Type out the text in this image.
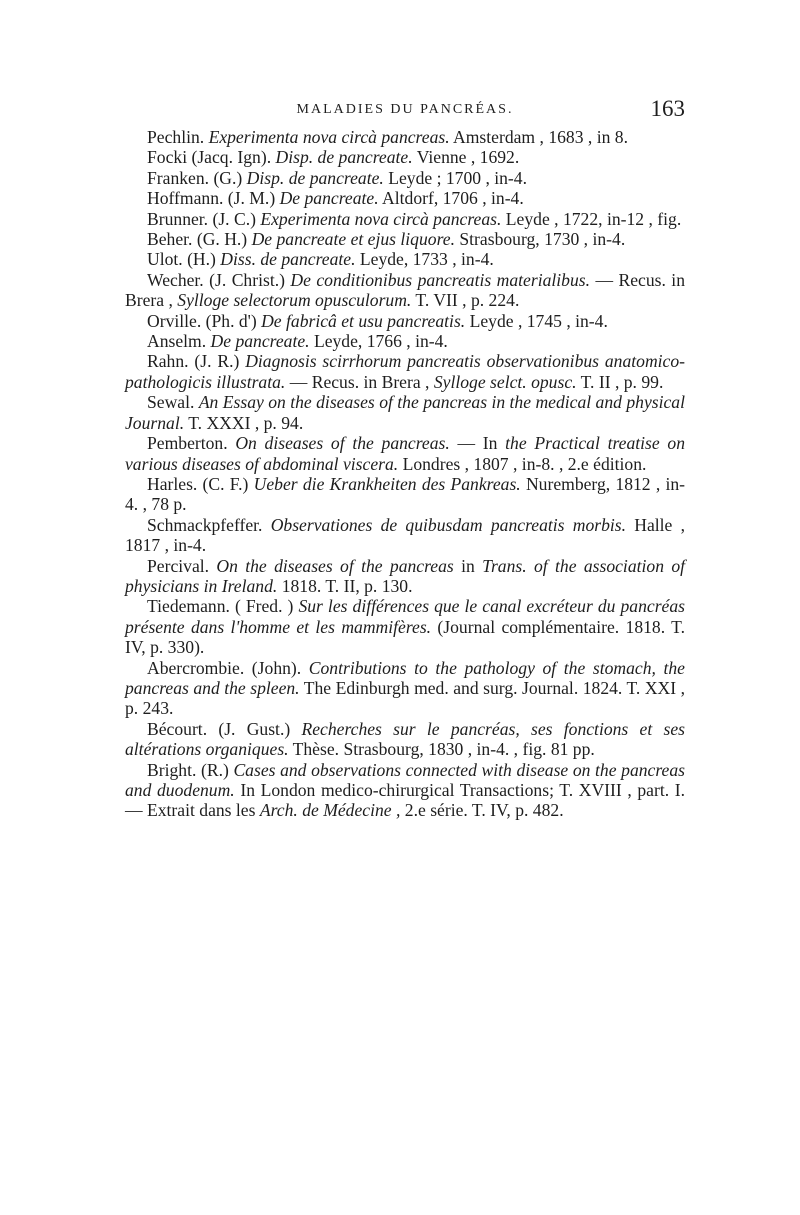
MALADIES DU PANCRÉAS.	163

Pechlin. Experimenta nova circà pancreas. Amsterdam , 1683 , in 8.

Focki (Jacq. Ign). Disp. de pancreate. Vienne , 1692.

Franken. (G.) Disp. de pancreate. Leyde ; 1700 , in-4.

Hoffmann. (J. M.) De pancreate. Altdorf, 1706 , in-4.

Brunner. (J. C.) Experimenta nova circà pancreas. Leyde , 1722, in-12 , fig.

Beher. (G. H.) De pancreate et ejus liquore. Strasbourg, 1730 , in-4.

Ulot. (H.) Diss. de pancreate. Leyde, 1733 , in-4.

Wecher. (J. Christ.) De conditionibus pancreatis materialibus. — Recus. in Brera , Sylloge selectorum opusculorum. T. VII , p. 224.

Orville. (Ph. d') De fabricâ et usu pancreatis. Leyde , 1745 , in-4.

Anselm. De pancreate. Leyde, 1766 , in-4.

Rahn. (J. R.) Diagnosis scirrhorum pancreatis observationibus anatomico-pathologicis illustrata. — Recus. in Brera , Sylloge selct. opusc. T. II , p. 99.

Sewal. An Essay on the diseases of the pancreas in the medical and physical Journal. T. XXXI , p. 94.

Pemberton. On diseases of the pancreas. — In the Practical treatise on various diseases of abdominal viscera. Londres , 1807 , in-8. , 2.e édition.

Harles. (C. F.) Ueber die Krankheiten des Pankreas. Nuremberg, 1812 , in-4. , 78 p.

Schmackpfeffer. Observationes de quibusdam pancreatis morbis. Halle , 1817 , in-4.

Percival. On the diseases of the pancreas in Trans. of the association of physicians in Ireland. 1818. T. II, p. 130.

Tiedemann. ( Fred. ) Sur les différences que le canal excréteur du pancréas présente dans l'homme et les mammifères. (Journal complémentaire. 1818. T. IV, p. 330).

Abercrombie. (John). Contributions to the pathology of the stomach, the pancreas and the spleen. The Edinburgh med. and surg. Journal. 1824. T. XXI , p. 243.

Bécourt. (J. Gust.) Recherches sur le pancréas, ses fonctions et ses altérations organiques. Thèse. Strasbourg, 1830 , in-4. , fig. 81 pp.

Bright. (R.) Cases and observations connected with disease on the pancreas and duodenum. In London medico-chirurgical Transactions; T. XVIII , part. I. — Extrait dans les Arch. de Médecine , 2.e série. T. IV, p. 482.
